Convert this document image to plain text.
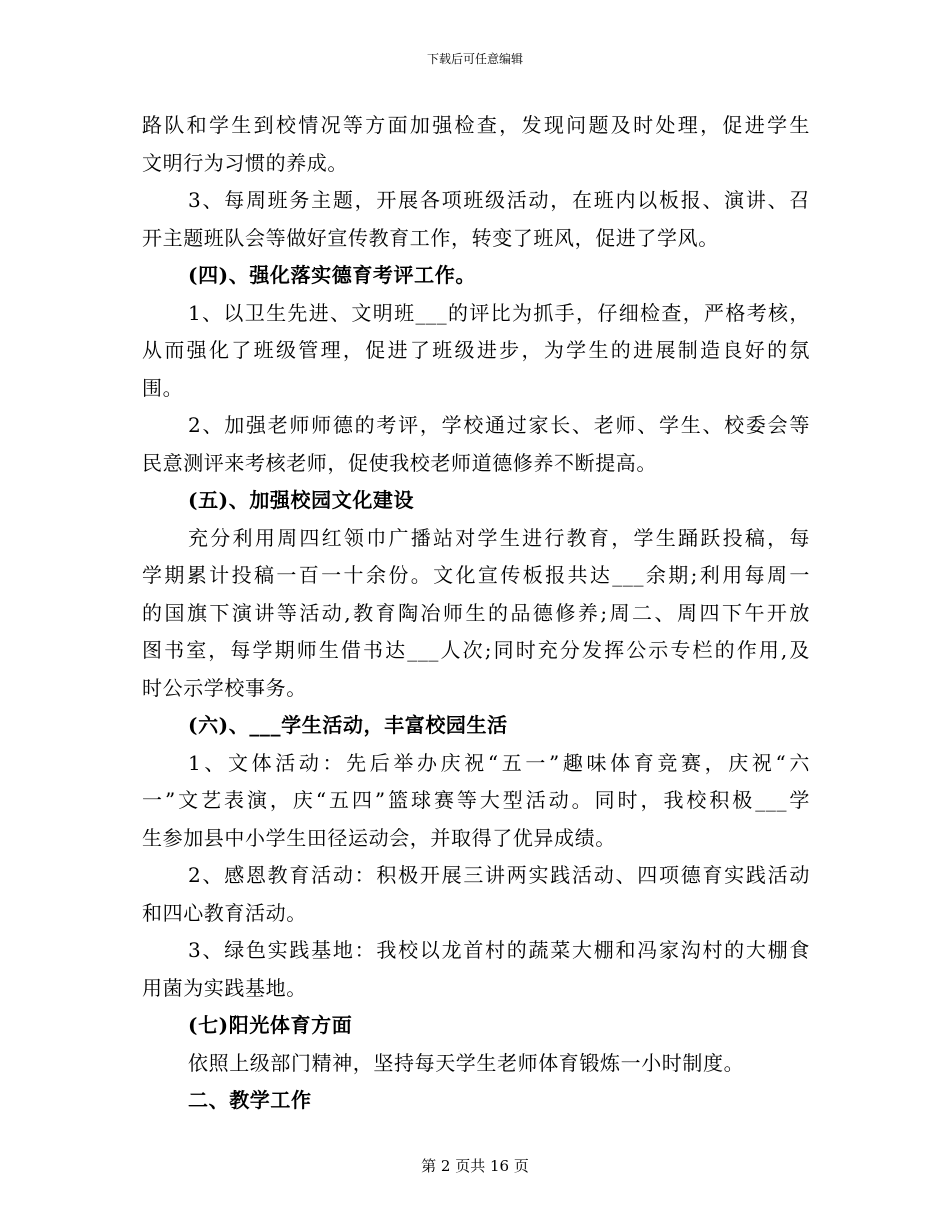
下载后可任意编辑
路队和学生到校情况等方面加强检查，发现问题及时处理，促进学生
文明行为习惯的养成。
3、每周班务主题，开展各项班级活动，在班内以板报、演讲、召
开主题班队会等做好宣传教育工作，转变了班风，促进了学风。
(四)、强化落实德育考评工作。
1、以卫生先进、文明班___的评比为抓手，仔细检查，严格考核，
从而强化了班级管理，促进了班级进步，为学生的进展制造良好的氛
围。
2、加强老师师德的考评，学校通过家长、老师、学生、校委会等
民意测评来考核老师，促使我校老师道德修养不断提高。
(五)、加强校园文化建设
充分利用周四红领巾广播站对学生进行教育，学生踊跃投稿，每
学期累计投稿一百一十余份。文化宣传板报共达___余期;利用每周一
的国旗下演讲等活动,教育陶冶师生的品德修养;周二、周四下午开放
图书室，每学期师生借书达___人次;同时充分发挥公示专栏的作用,及
时公示学校事务。
(六)、___学生活动，丰富校园生活
1、文体活动：先后举办庆祝“五一”趣味体育竞赛，庆祝“六
一”文艺表演，庆“五四”篮球赛等大型活动。同时，我校积极___学
生参加县中小学生田径运动会，并取得了优异成绩。
2、感恩教育活动：积极开展三讲两实践活动、四项德育实践活动
和四心教育活动。
3、绿色实践基地：我校以龙首村的蔬菜大棚和冯家沟村的大棚食
用菌为实践基地。
(七)阳光体育方面
依照上级部门精神，坚持每天学生老师体育锻炼一小时制度。
二、教学工作
第 2 页共 16 页
